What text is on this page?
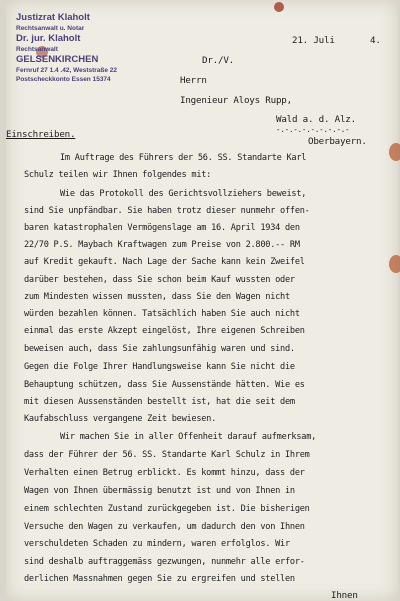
Justizrat Klaholt
Rechtsanwalt u. Notar
Dr. jur. Klaholt
Rechtsanwalt
GELSENKIRCHEN
Fernruf 27 1.4 .42, Weststraße 22
Postscheckkonto Essen 15374
21. Juli	4.
Dr./V.
Herrn
Ingenieur Aloys Rupp,
Wald a. d. Alz.
-.-.-.-.-.-.-.-.-
Oberbayern.
Einschreiben.
Im Auftrage des Führers der 56. SS. Standarte Karl
Schulz teilen wir Ihnen folgendes mit:
Wie das Protokoll des Gerichtsvollziehers beweist,
sind Sie unpfändbar. Sie haben trotz dieser nunmehr offen-
baren katastrophalen Vermögenslage am 16. April 1934 den
22/70 P.S. Maybach Kraftwagen zum Preise von 2.800.-- RM
auf Kredit gekauft. Nach Lage der Sache kann kein Zweifel
darüber bestehen, dass Sie schon beim Kauf wussten oder
zum Mindesten wissen mussten, dass Sie den Wagen nicht
würden bezahlen können. Tatsächlich haben Sie auch nicht
einmal das erste Akzept eingelöst, Ihre eigenen Schreiben
beweisen auch, dass Sie zahlungsunfähig waren und sind.
Gegen die Folge Ihrer Handlungsweise kann Sie nicht die
Behauptung schützen, dass Sie Aussenstände hätten. Wie es
mit diesen Aussenständen bestellt ist, hat die seit dem
Kaufabschluss vergangene Zeit bewiesen.
Wir machen Sie in aller Offenheit darauf aufmerksam,
dass der Führer der 56. SS. Standarte Karl Schulz in Ihrem
Verhalten einen Betrug erblickt. Es kommt hinzu, dass der
Wagen von Ihnen übermässig benutzt ist und von Ihnen in
einem schlechten Zustand zurückgegeben ist. Die bisherigen
Versuche den Wagen zu verkaufen, um dadurch den von Ihnen
verschuldeten Schaden zu mindern, waren erfolglos. Wir
sind deshalb auftraggemäss gezwungen, nunmehr alle erfor-
derlichen Massnahmen gegen Sie zu ergreifen und stellen
Ihnen
